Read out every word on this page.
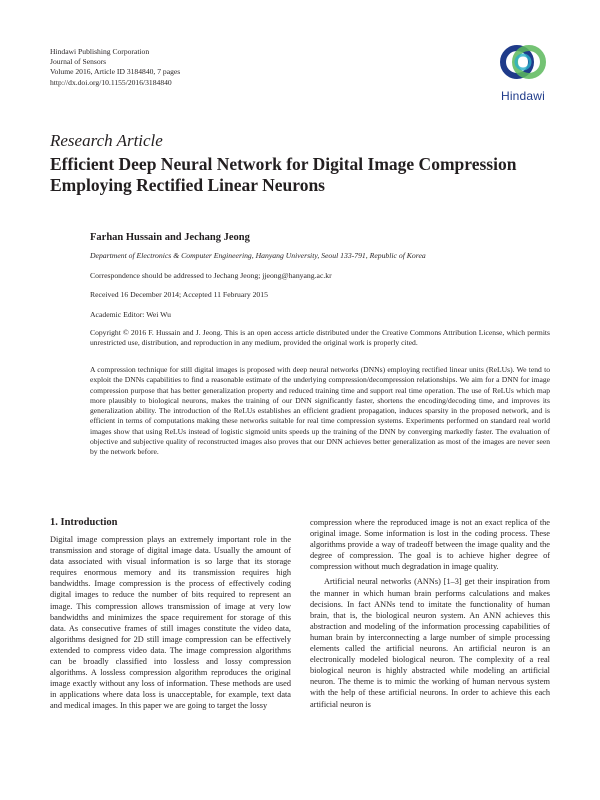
Hindawi Publishing Corporation
Journal of Sensors
Volume 2016, Article ID 3184840, 7 pages
http://dx.doi.org/10.1155/2016/3184840
Hindawi
Research Article
Efficient Deep Neural Network for Digital Image Compression
Employing Rectified Linear Neurons
Farhan Hussain and Jechang Jeong
Department of Electronics & Computer Engineering, Hanyang University, Seoul 133-791, Republic of Korea
Correspondence should be addressed to Jechang Jeong; jjeong@hanyang.ac.kr
Received 16 December 2014; Accepted 11 February 2015
Academic Editor: Wei Wu
Copyright © 2016 F. Hussain and J. Jeong. This is an open access article distributed under the Creative Commons Attribution License, which permits unrestricted use, distribution, and reproduction in any medium, provided the original work is properly cited.
A compression technique for still digital images is proposed with deep neural networks (DNNs) employing rectified linear units (ReLUs). We tend to exploit the DNNs capabilities to find a reasonable estimate of the underlying compression/decompression relationships. We aim for a DNN for image compression purpose that has better generalization property and reduced training time and support real time operation. The use of ReLUs which map more plausibly to biological neurons, makes the training of our DNN significantly faster, shortens the encoding/decoding time, and improves its generalization ability. The introduction of the ReLUs establishes an efficient gradient propagation, induces sparsity in the proposed network, and is efficient in terms of computations making these networks suitable for real time compression systems. Experiments performed on standard real world images show that using ReLUs instead of logistic sigmoid units speeds up the training of the DNN by converging markedly faster. The evaluation of objective and subjective quality of reconstructed images also proves that our DNN achieves better generalization as most of the images are never seen by the network before.
1. Introduction

Digital image compression plays an extremely important role in the transmission and storage of digital image data. Usually the amount of data associated with visual information is so large that its storage requires enormous memory and its transmission requires high bandwidths. Image compression is the process of effectively coding digital images to reduce the number of bits required to represent an image. This compression allows transmission of image at very low bandwidths and minimizes the space requirement for storage of this data. As consecutive frames of still images constitute the video data, algorithms designed for 2D still image compression can be effectively extended to compress video data. The image compression algorithms can be broadly classified into lossless and lossy compression algorithms. A lossless compression algorithm reproduces the original image exactly without any loss of information. These methods are used in applications where data loss is unacceptable, for example, text data and medical images. In this paper we are going to target the lossy

compression where the reproduced image is not an exact replica of the original image. Some information is lost in the coding process. These algorithms provide a way of tradeoff between the image quality and the degree of compression. The goal is to achieve higher degree of compression without much degradation in image quality.

Artificial neural networks (ANNs) [1–3] get their inspiration from the manner in which human brain performs calculations and makes decisions. In fact ANNs tend to imitate the functionality of human brain, that is, the biological neuron system. An ANN achieves this abstraction and modeling of the information processing capabilities of human brain by interconnecting a large number of simple processing elements called the artificial neurons. An artificial neuron is an electronically modeled biological neuron. The complexity of a real biological neuron is highly abstracted while modeling an artificial neuron. The theme is to mimic the working of human nervous system with the help of these artificial neurons. In order to achieve this each artificial neuron is
